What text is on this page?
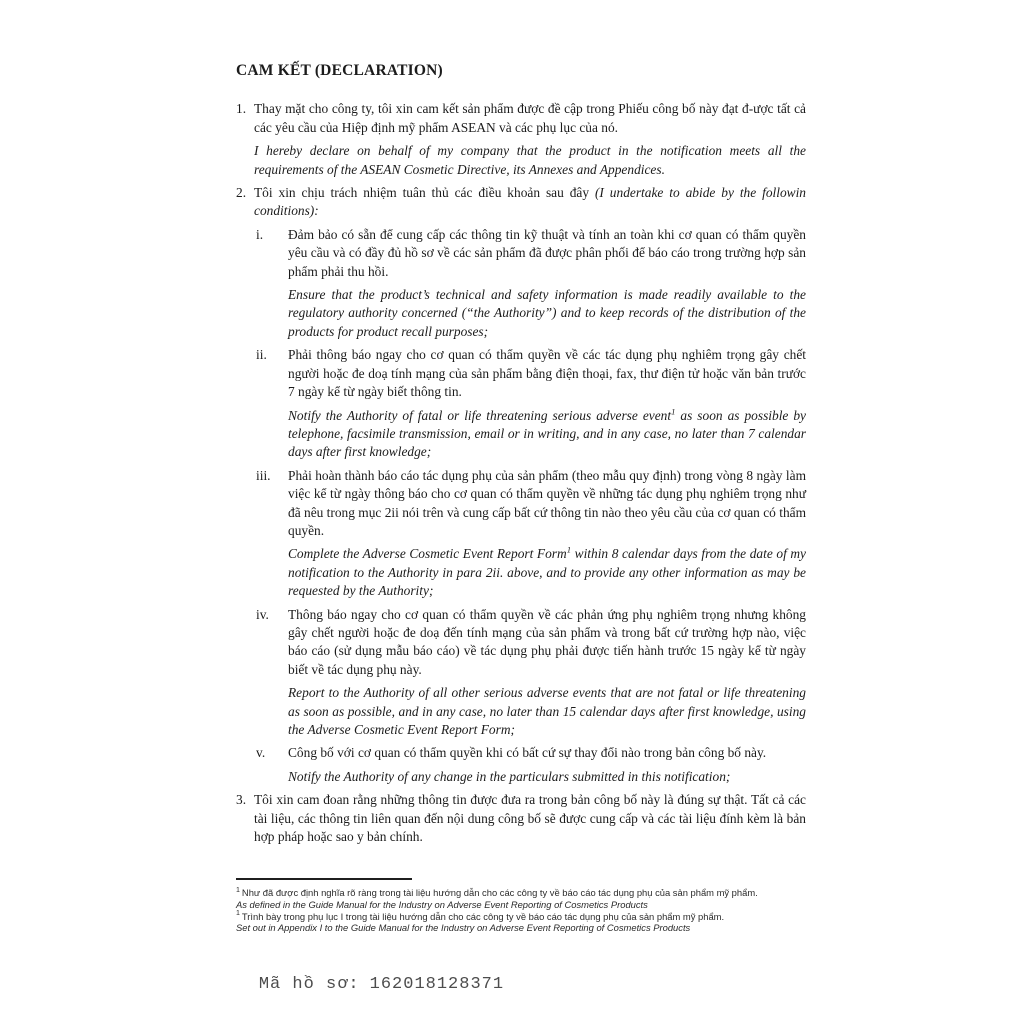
CAM KẾT (DECLARATION)
1. Thay mặt cho công ty, tôi xin cam kết sản phẩm được đề cập trong Phiếu công bố này đạt đ-ược tất cả các yêu cầu của Hiệp định mỹ phẩm ASEAN và các phụ lục của nó.
I hereby declare on behalf of my company that the product in the notification meets all the requirements of the ASEAN Cosmetic Directive, its Annexes and Appendices.
2. Tôi xin chịu trách nhiệm tuân thủ các điều khoản sau đây (I undertake to abide by the followin conditions):
i. Đảm bảo có sẵn để cung cấp các thông tin kỹ thuật và tính an toàn khi cơ quan có thẩm quyền yêu cầu và có đầy đủ hồ sơ về các sản phẩm đã được phân phối để báo cáo trong trường hợp sản phẩm phải thu hồi.
Ensure that the product’s technical and safety information is made readily available to the regulatory authority concerned (“the Authority”) and to keep records of the distribution of the products for product recall purposes;
ii. Phải thông báo ngay cho cơ quan có thẩm quyền về các tác dụng phụ nghiêm trọng gây chết người hoặc đe doạ tính mạng của sản phẩm bằng điện thoại, fax, thư điện tử hoặc văn bản trước 7 ngày kể từ ngày biết thông tin.
Notify the Authority of fatal or life threatening serious adverse event$^1$ as soon as possible by telephone, facsimile transmission, email or in writing, and in any case, no later than 7 calendar days after first knowledge;
iii. Phải hoàn thành báo cáo tác dụng phụ của sản phẩm (theo mẫu quy định) trong vòng 8 ngày làm việc kể từ ngày thông báo cho cơ quan có thẩm quyền về những tác dụng phụ nghiêm trọng như đã nêu trong mục 2ii nói trên và cung cấp bất cứ thông tin nào theo yêu cầu của cơ quan có thẩm quyền.
Complete the Adverse Cosmetic Event Report Form$^1$ within 8 calendar days from the date of my notification to the Authority in para 2ii. above, and to provide any other information as may be requested by the Authority;
iv. Thông báo ngay cho cơ quan có thẩm quyền về các phản ứng phụ nghiêm trọng nhưng không gây chết người hoặc đe doạ đến tính mạng của sản phẩm và trong bất cứ trường hợp nào, việc báo cáo (sử dụng mẫu báo cáo) về tác dụng phụ phải được tiến hành trước 15 ngày kể từ ngày biết về tác dụng phụ này.
Report to the Authority of all other serious adverse events that are not fatal or life threatening as soon as possible, and in any case, no later than 15 calendar days after first knowledge, using the Adverse Cosmetic Event Report Form;
v. Công bố với cơ quan có thẩm quyền khi có bất cứ sự thay đổi nào trong bản công bố này.
Notify the Authority of any change in the particulars submitted in this notification;
3. Tôi xin cam đoan rằng những thông tin được đưa ra trong bản công bố này là đúng sự thật. Tất cả các tài liệu, các thông tin liên quan đến nội dung công bố sẽ được cung cấp và các tài liệu đính kèm là bản hợp pháp hoặc sao y bản chính.
$^1$ Như đã được định nghĩa rõ ràng trong tài liệu hướng dẫn cho các công ty về báo cáo tác dụng phụ của sản phẩm mỹ phẩm.
As defined in the Guide Manual for the Industry on Adverse Event Reporting of Cosmetics Products
$^1$ Trình bày trong phụ lục I trong tài liệu hướng dẫn cho các công ty về báo cáo tác dụng phụ của sản phẩm mỹ phẩm.
Set out in Appendix I to the Guide Manual for the Industry on Adverse Event Reporting of Cosmetics Products

Mã hồ sơ: 162018128371
